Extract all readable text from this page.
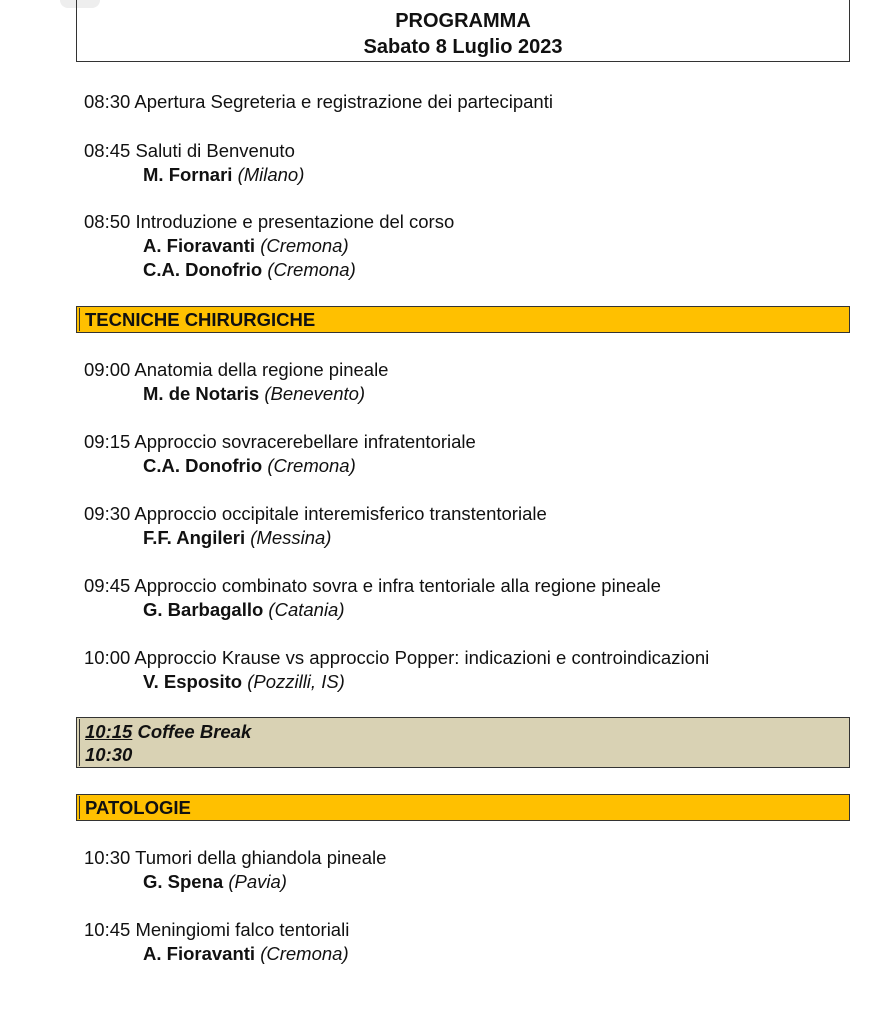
PROGRAMMA
Sabato 8 Luglio 2023
08:30 Apertura Segreteria e registrazione dei partecipanti
08:45 Saluti di Benvenuto
M. Fornari (Milano)
08:50 Introduzione e presentazione del corso
A. Fioravanti (Cremona)
C.A. Donofrio (Cremona)
TECNICHE CHIRURGICHE
09:00 Anatomia della regione pineale
M. de Notaris (Benevento)
09:15 Approccio sovracerebellare infratentoriale
C.A. Donofrio (Cremona)
09:30 Approccio occipitale interemisferico transtentoriale
F.F. Angileri (Messina)
09:45 Approccio combinato sovra e infra tentoriale alla regione pineale
G. Barbagallo (Catania)
10:00 Approccio Krause vs approccio Popper: indicazioni e controindicazioni
V. Esposito (Pozzilli, IS)
10:15 Coffee Break
10:30
PATOLOGIE
10:30 Tumori della ghiandola pineale
G. Spena (Pavia)
10:45 Meningiomi falco tentoriali
A. Fioravanti (Cremona)
